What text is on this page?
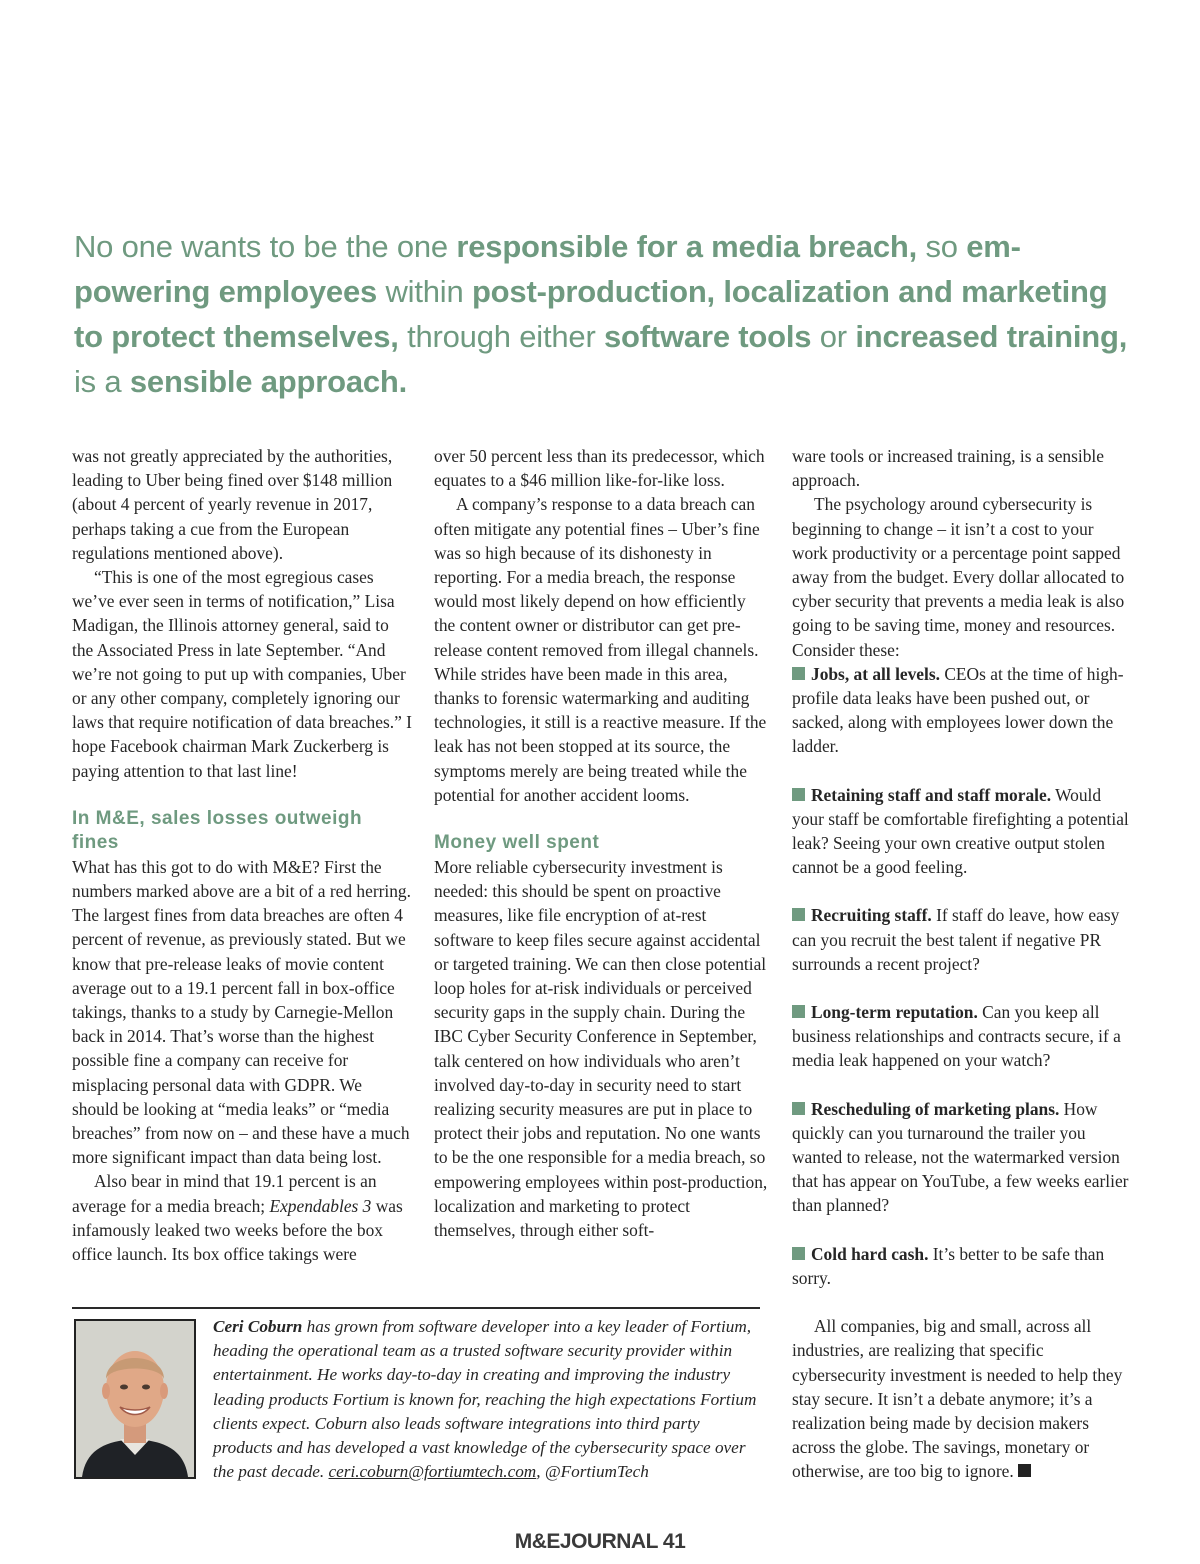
No one wants to be the one responsible for a media breach, so em-powering employees within post-production, localization and marketing to protect themselves, through either software tools or increased training, is a sensible approach.

was not greatly appreciated by the authorities, leading to Uber being fined over $148 million (about 4 percent of yearly revenue in 2017, perhaps taking a cue from the European regulations mentioned above).

“This is one of the most egregious cases we’ve ever seen in terms of notification,” Lisa Madigan, the Illinois attorney general, said to the Associated Press in late September. “And we’re not going to put up with companies, Uber or any other company, completely ignoring our laws that require notification of data breaches.” I hope Facebook chairman Mark Zuckerberg is paying attention to that last line!

In M&E, sales losses outweigh fines

What has this got to do with M&E? First the numbers marked above are a bit of a red herring. The largest fines from data breaches are often 4 percent of revenue, as previously stated. But we know that pre-release leaks of movie content average out to a 19.1 percent fall in box-office takings, thanks to a study by Carnegie-Mellon back in 2014. That’s worse than the highest possible fine a company can receive for misplacing personal data with GDPR. We should be looking at “media leaks” or “media breaches” from now on – and these have a much more significant impact than data being lost.

Also bear in mind that 19.1 percent is an average for a media breach; Expendables 3 was infamously leaked two weeks before the box office launch. Its box office takings were

over 50 percent less than its predecessor, which equates to a $46 million like-for-like loss.

A company’s response to a data breach can often mitigate any potential fines – Uber’s fine was so high because of its dishonesty in reporting. For a media breach, the response would most likely depend on how efficiently the content owner or distributor can get pre-release content removed from illegal channels. While strides have been made in this area, thanks to forensic watermarking and auditing technologies, it still is a reactive measure. If the leak has not been stopped at its source, the symptoms merely are being treated while the potential for another accident looms.

Money well spent

More reliable cybersecurity investment is needed: this should be spent on proactive measures, like file encryption of at-rest software to keep files secure against accidental or targeted training. We can then close potential loop holes for at-risk individuals or perceived security gaps in the supply chain. During the IBC Cyber Security Conference in September, talk centered on how individuals who aren’t involved day-to-day in security need to start realizing security measures are put in place to protect their jobs and reputation. No one wants to be the one responsible for a media breach, so empowering employees within post-production, localization and marketing to protect themselves, through either soft-

ware tools or increased training, is a sensible approach.

The psychology around cybersecurity is beginning to change – it isn’t a cost to your work productivity or a percentage point sapped away from the budget. Every dollar allocated to cyber security that prevents a media leak is also going to be saving time, money and resources. Consider these:

Jobs, at all levels. CEOs at the time of high-profile data leaks have been pushed out, or sacked, along with employees lower down the ladder.

Retaining staff and staff morale. Would your staff be comfortable firefighting a potential leak? Seeing your own creative output stolen cannot be a good feeling.

Recruiting staff. If staff do leave, how easy can you recruit the best talent if negative PR surrounds a recent project?

Long-term reputation. Can you keep all business relationships and contracts secure, if a media leak happened on your watch?

Rescheduling of marketing plans. How quickly can you turnaround the trailer you wanted to release, not the watermarked version that has appear on YouTube, a few weeks earlier than planned?

Cold hard cash. It’s better to be safe than sorry.

All companies, big and small, across all industries, are realizing that specific cybersecurity investment is needed to help they stay secure. It isn’t a debate anymore; it’s a realization being made by decision makers across the globe. The savings, monetary or otherwise, are too big to ignore.

Ceri Coburn has grown from software developer into a key leader of Fortium, heading the operational team as a trusted software security provider within entertainment. He works day-to-day in creating and improving the industry leading products Fortium is known for, reaching the high expectations Fortium clients expect. Coburn also leads software integrations into third party products and has developed a vast knowledge of the cybersecurity space over the past decade. ceri.coburn@fortiumtech.com, @FortiumTech
M&EJOURNAL 41
